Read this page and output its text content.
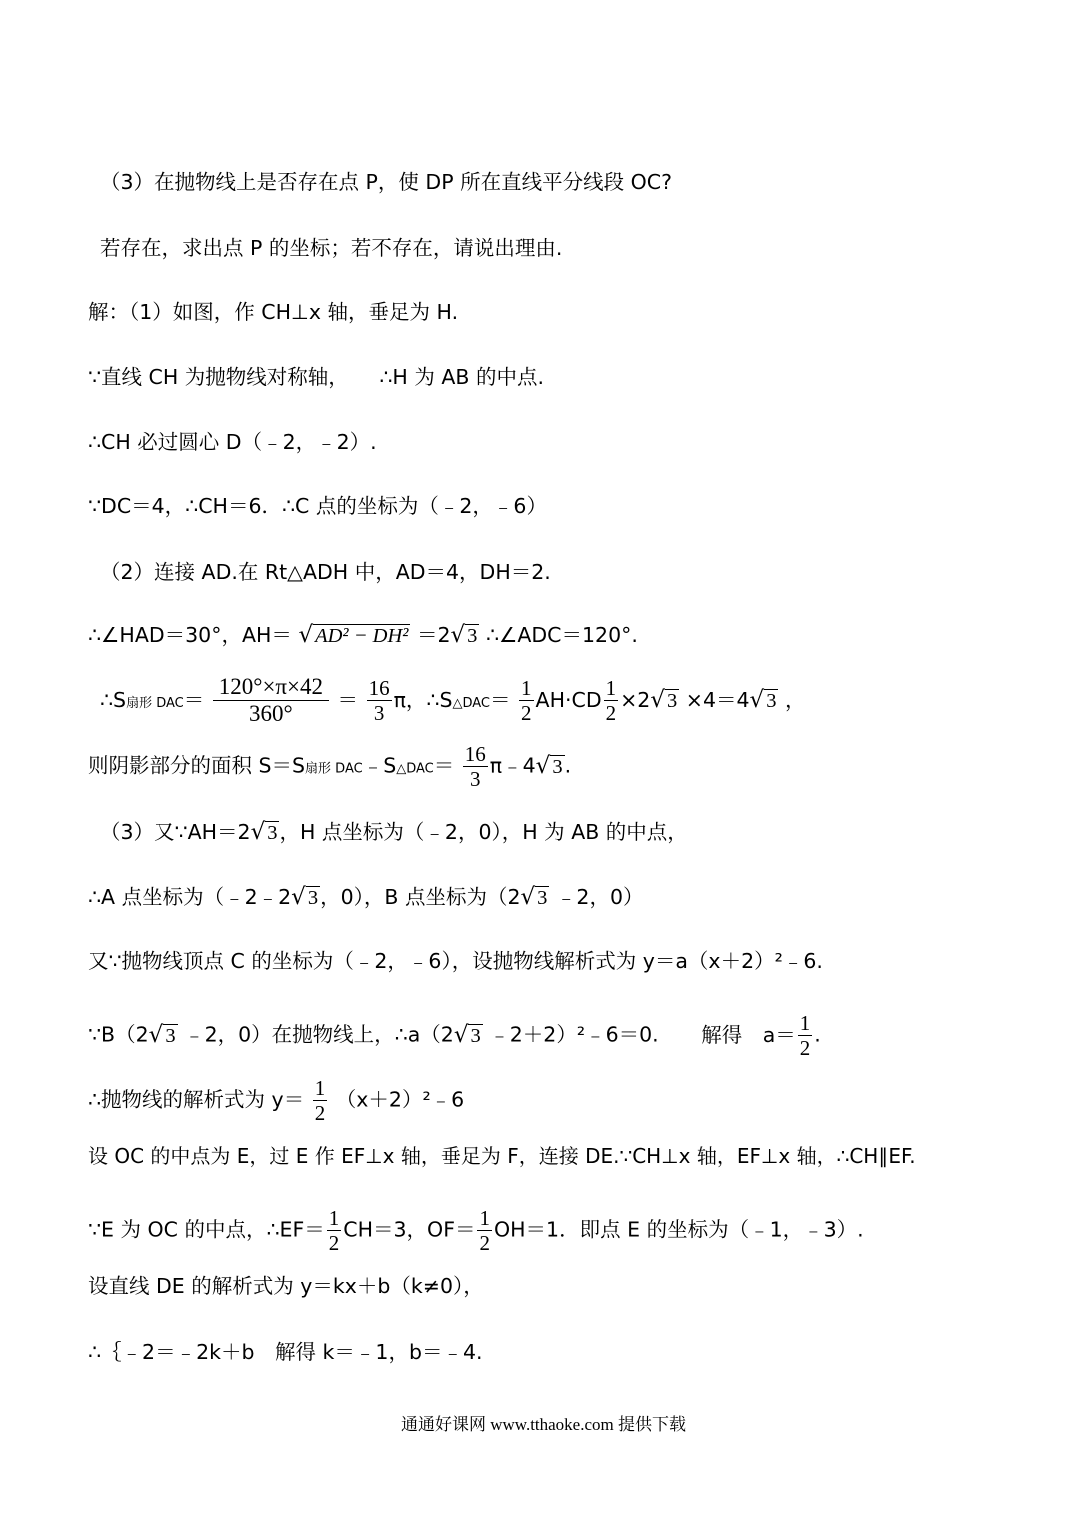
（3）在抛物线上是否存在点 P，使 DP 所在直线平分线段 OC?
若存在，求出点 P 的坐标；若不存在，请说出理由.
解：（1）如图，作 CH⊥x 轴，垂足为 H.
∵直线 CH 为抛物线对称轴， ∴H 为 AB 的中点.
∴CH 必过圆心 D（﹣2，﹣2）.
∵DC＝4，∴CH＝6．∴C 点的坐标为（﹣2，﹣6）
（2）连接 AD.在 Rt△ADH 中，AD＝4，DH＝2.
∴∠HAD＝30°，AH＝ √AD² − DH² ＝2√3 ∴∠ADC＝120°.
∴S扇形 $DAC= \frac{120^\circ\times\pi\times 42}{360^\circ} = \frac{16}{3}$ π，∴S△DAC＝ $\frac{1}{2} AH\cdot CD \frac{1}{2} \times 2√3 \times 4=4√3$ ，
则阴影部分的面积 S＝S扇形 DAC﹣S△DAC＝ $\frac{16}{3}$ π﹣4√3.
（3）又∵AH＝2√3，H 点坐标为（﹣2，0），H 为 AB 的中点，
∴A 点坐标为（﹣2﹣2√3，0），B 点坐标为（2√3 ﹣2，0）
又∵抛物线顶点 C 的坐标为（﹣2，﹣6），设抛物线解析式为 y＝a（x＋2）²﹣6.
∵B（2√3 ﹣2，0）在抛物线上，∴a（2√3 ﹣2＋2）²﹣6＝0. 解得 $a= \frac{1}{2}$ .
∴抛物线的解析式为 $y= \frac{1}{2}$ （x＋2）²﹣6
设 OC 的中点为 E，过 E 作 EF⊥x 轴，垂足为 F，连接 DE.∵CH⊥x 轴，EF⊥x 轴，∴CH∥EF.
∵E 为 OC 的中点，∴EF＝ $\frac{1}{2} CH=3$，$OF= \frac{1}{2} OH=1$．即点 E 的坐标为（﹣1，﹣3）.
设直线 DE 的解析式为 y＝kx＋b（k≠0），
∴｛﹣2＝﹣2k＋b　解得 k＝﹣1，b＝﹣4.
通通好课网 www.tthaoke.com 提供下载
